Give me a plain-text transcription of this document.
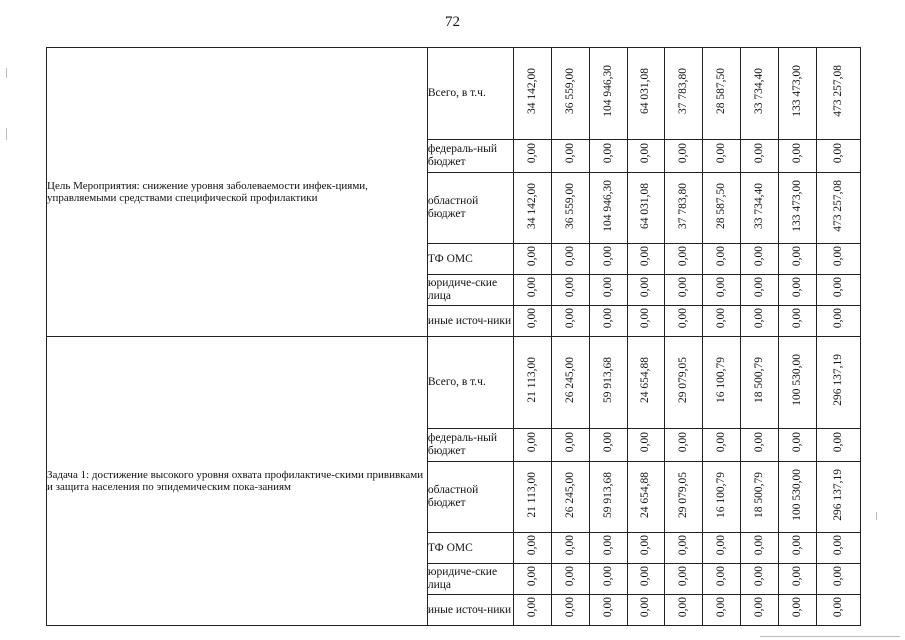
72
Цель Мероприятия: снижение уровня заболеваемости инфек-циями, управляемыми средствами специфической профилактики	Всего, в т.ч.	34 142,00	36 559,00	104 946,30	64 031,08	37 783,80	28 587,50	33 734,40	133 473,00	473 257,08
	федераль-ный бюджет	0,00	0,00	0,00	0,00	0,00	0,00	0,00	0,00	0,00
	областной бюджет	34 142,00	36 559,00	104 946,30	64 031,08	37 783,80	28 587,50	33 734,40	133 473,00	473 257,08
	ТФ ОМС	0,00	0,00	0,00	0,00	0,00	0,00	0,00	0,00	0,00
	юридиче-ские лица	0,00	0,00	0,00	0,00	0,00	0,00	0,00	0,00	0,00
	иные источ-ники	0,00	0,00	0,00	0,00	0,00	0,00	0,00	0,00	0,00
Задача 1: достижение высокого уровня охвата профилактиче-скими прививками и защита населения по эпидемическим пока-заниям	Всего, в т.ч.	21 113,00	26 245,00	59 913,68	24 654,88	29 079,05	16 100,79	18 500,79	100 530,00	296 137,19
	федераль-ный бюджет	0,00	0,00	0,00	0,00	0,00	0,00	0,00	0,00	0,00
	областной бюджет	21 113,00	26 245,00	59 913,68	24 654,88	29 079,05	16 100,79	18 500,79	100 530,00	296 137,19
	ТФ ОМС	0,00	0,00	0,00	0,00	0,00	0,00	0,00	0,00	0,00
	юридиче-ские лица	0,00	0,00	0,00	0,00	0,00	0,00	0,00	0,00	0,00
	иные источ-ники	0,00	0,00	0,00	0,00	0,00	0,00	0,00	0,00	0,00
